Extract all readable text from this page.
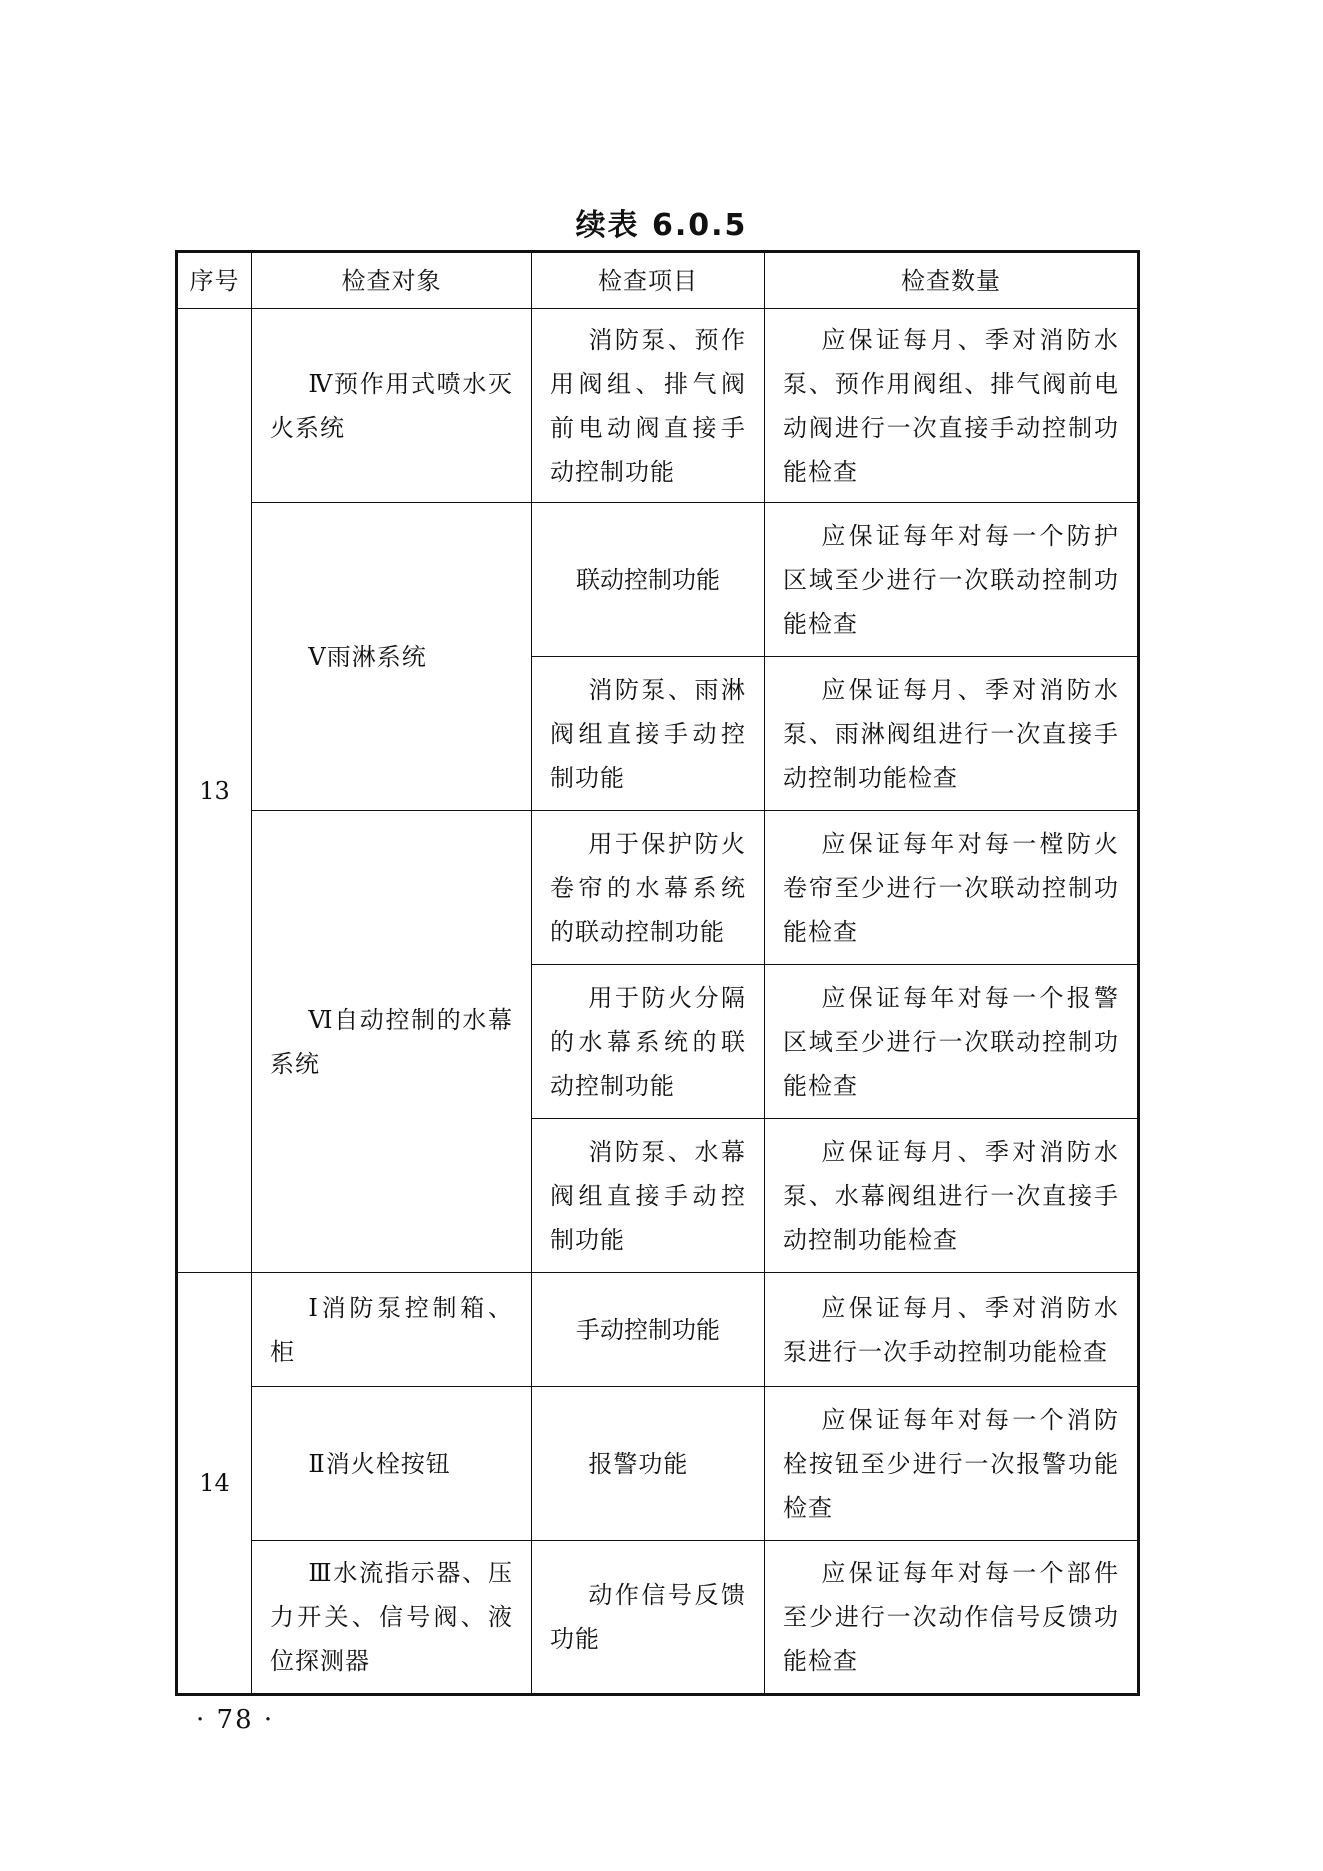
续表 6.0.5
序号	检查对象	检查项目	检查数量
13	Ⅳ预作用式喷水灭火系统	消防泵、预作用阀组、排气阀前电动阀直接手动控制功能	应保证每月、季对消防水泵、预作用阀组、排气阀前电动阀进行一次直接手动控制功能检查
	Ⅴ雨淋系统	联动控制功能	应保证每年对每一个防护区域至少进行一次联动控制功能检查
		消防泵、雨淋阀组直接手动控制功能	应保证每月、季对消防水泵、雨淋阀组进行一次直接手动控制功能检查
	Ⅵ自动控制的水幕系统	用于保护防火卷帘的水幕系统的联动控制功能	应保证每年对每一樘防火卷帘至少进行一次联动控制功能检查
		用于防火分隔的水幕系统的联动控制功能	应保证每年对每一个报警区域至少进行一次联动控制功能检查
		消防泵、水幕阀组直接手动控制功能	应保证每月、季对消防水泵、水幕阀组进行一次直接手动控制功能检查
14	Ⅰ消防泵控制箱、柜	手动控制功能	应保证每月、季对消防水泵进行一次手动控制功能检查
	Ⅱ消火栓按钮	报警功能	应保证每年对每一个消防栓按钮至少进行一次报警功能检查
	Ⅲ水流指示器、压力开关、信号阀、液位探测器	动作信号反馈功能	应保证每年对每一个部件至少进行一次动作信号反馈功能检查
· 78 ·
